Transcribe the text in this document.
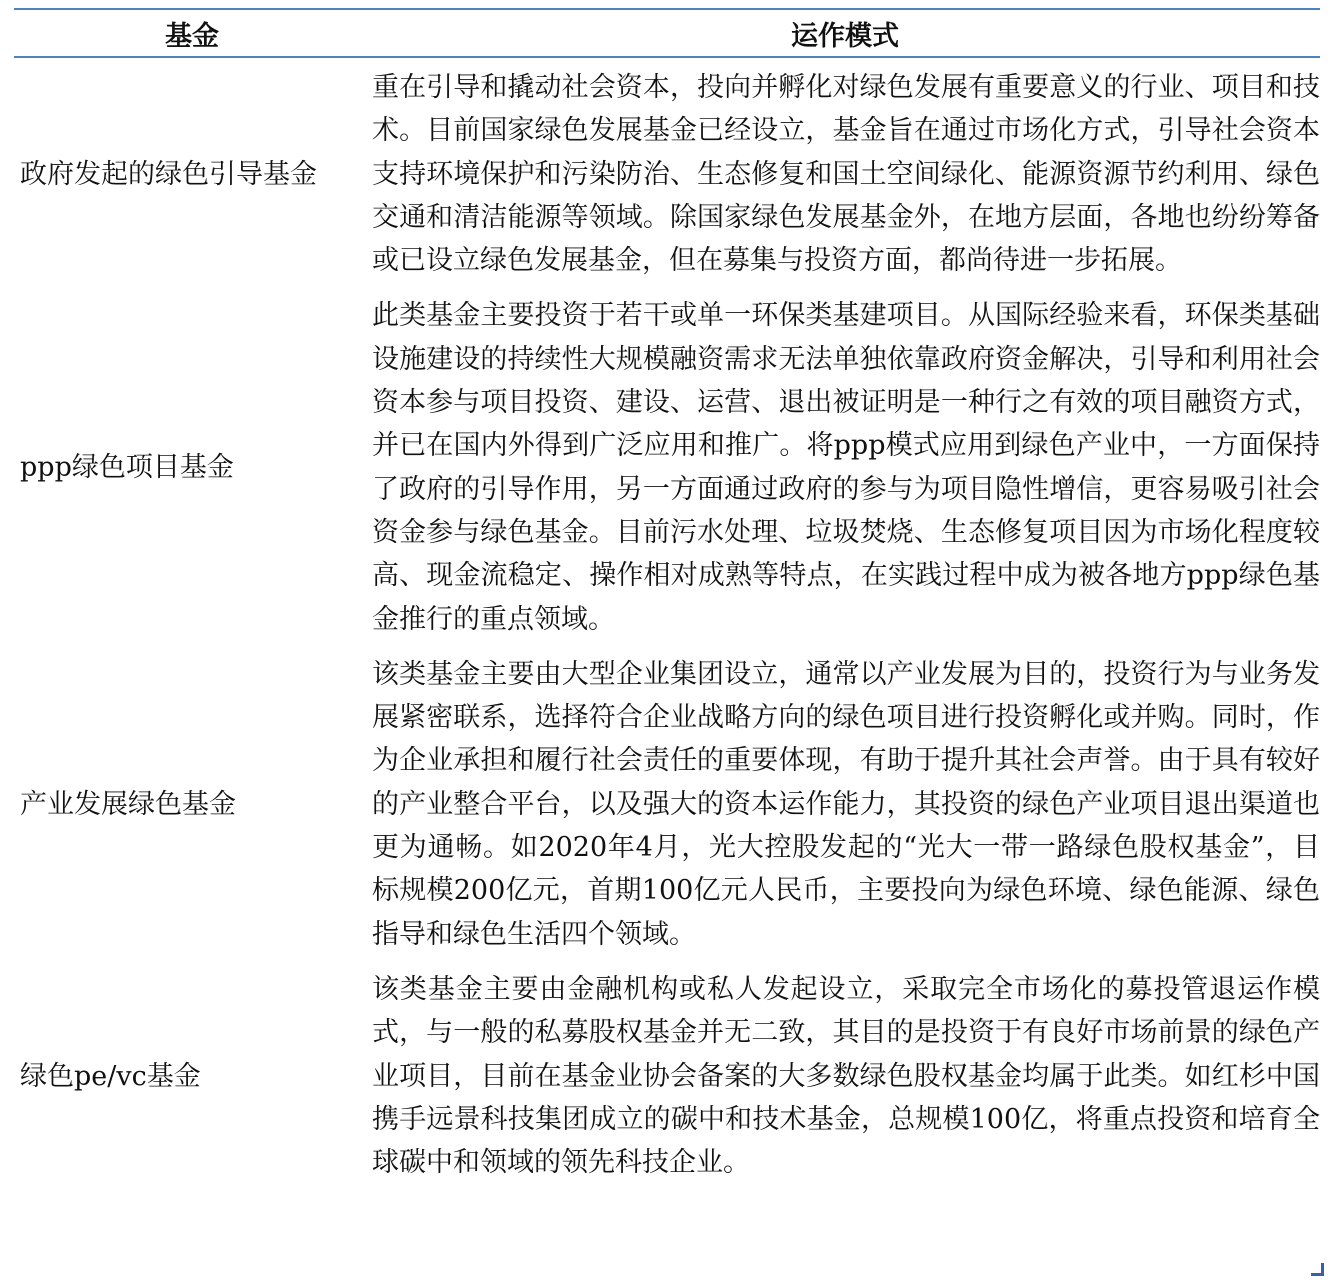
基金	运作模式
政府发起的绿色引导基金
重在引导和撬动社会资本，投向并孵化对绿色发展有重要意义的行业、项目和技术。目前国家绿色发展基金已经设立，基金旨在通过市场化方式，引导社会资本支持环境保护和污染防治、生态修复和国土空间绿化、能源资源节约利用、绿色交通和清洁能源等领域。除国家绿色发展基金外，在地方层面，各地也纷纷筹备或已设立绿色发展基金，但在募集与投资方面，都尚待进一步拓展。
ppp绿色项目基金
此类基金主要投资于若干或单一环保类基建项目。从国际经验来看，环保类基础设施建设的持续性大规模融资需求无法单独依靠政府资金解决，引导和利用社会资本参与项目投资、建设、运营、退出被证明是一种行之有效的项目融资方式，并已在国内外得到广泛应用和推广。将ppp模式应用到绿色产业中，一方面保持了政府的引导作用，另一方面通过政府的参与为项目隐性增信，更容易吸引社会资金参与绿色基金。目前污水处理、垃圾焚烧、生态修复项目因为市场化程度较高、现金流稳定、操作相对成熟等特点，在实践过程中成为被各地方ppp绿色基金推行的重点领域。
产业发展绿色基金
该类基金主要由大型企业集团设立，通常以产业发展为目的，投资行为与业务发展紧密联系，选择符合企业战略方向的绿色项目进行投资孵化或并购。同时，作为企业承担和履行社会责任的重要体现，有助于提升其社会声誉。由于具有较好的产业整合平台，以及强大的资本运作能力，其投资的绿色产业项目退出渠道也更为通畅。如2020年4月，光大控股发起的“光大一带一路绿色股权基金”，目标规模200亿元，首期100亿元人民币，主要投向为绿色环境、绿色能源、绿色指导和绿色生活四个领域。
绿色pe/vc基金
该类基金主要由金融机构或私人发起设立，采取完全市场化的募投管退运作模式，与一般的私募股权基金并无二致，其目的是投资于有良好市场前景的绿色产业项目，目前在基金业协会备案的大多数绿色股权基金均属于此类。如红杉中国携手远景科技集团成立的碳中和技术基金，总规模100亿，将重点投资和培育全球碳中和领域的领先科技企业。
